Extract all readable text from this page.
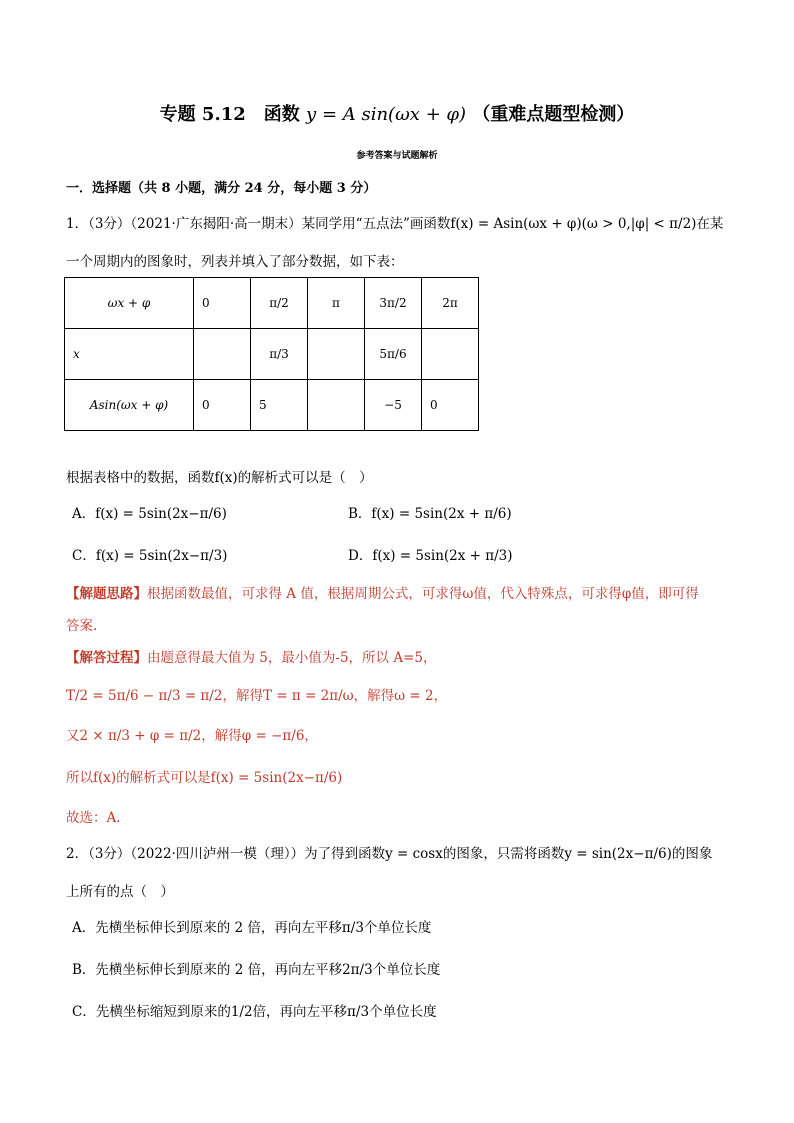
专题 5.12　函数 y = A sin(ωx + φ) （重难点题型检测）
参考答案与试题解析
一．选择题（共 8 小题，满分 24 分，每小题 3 分）
1．（3分）（2021·广东揭阳·高一期末）某同学用“五点法”画函数f(x) = Asin(ωx + φ)(ω > 0,|φ| < π/2)在某
一个周期内的图象时，列表并填入了部分数据，如下表：
ωx + φ	0	π/2	π	3π/2	2π
x		π/3		5π/6	
Asin(ωx + φ)	0	5		−5	0
根据表格中的数据，函数f(x)的解析式可以是（　）
A．f(x) = 5sin(2x−π/6)	B．f(x) = 5sin(2x + π/6)
C．f(x) = 5sin(2x−π/3)	D．f(x) = 5sin(2x + π/3)
【解题思路】根据函数最值，可求得 A 值，根据周期公式，可求得ω值，代入特殊点，可求得φ值，即可得
答案.
【解答过程】由题意得最大值为 5，最小值为-5，所以 A=5，
T/2 = 5π/6 − π/3 = π/2，解得T = π = 2π/ω，解得ω = 2，
又2 × π/3 + φ = π/2，解得φ = −π/6，
所以f(x)的解析式可以是f(x) = 5sin(2x−π/6)
故选：A.
2．（3分）（2022·四川泸州一模（理））为了得到函数y = cosx的图象，只需将函数y = sin(2x−π/6)的图象
上所有的点（　）
A．先横坐标伸长到原来的 2 倍，再向左平移π/3个单位长度
B．先横坐标伸长到原来的 2 倍，再向左平移2π/3个单位长度
C．先横坐标缩短到原来的1/2倍，再向左平移π/3个单位长度
